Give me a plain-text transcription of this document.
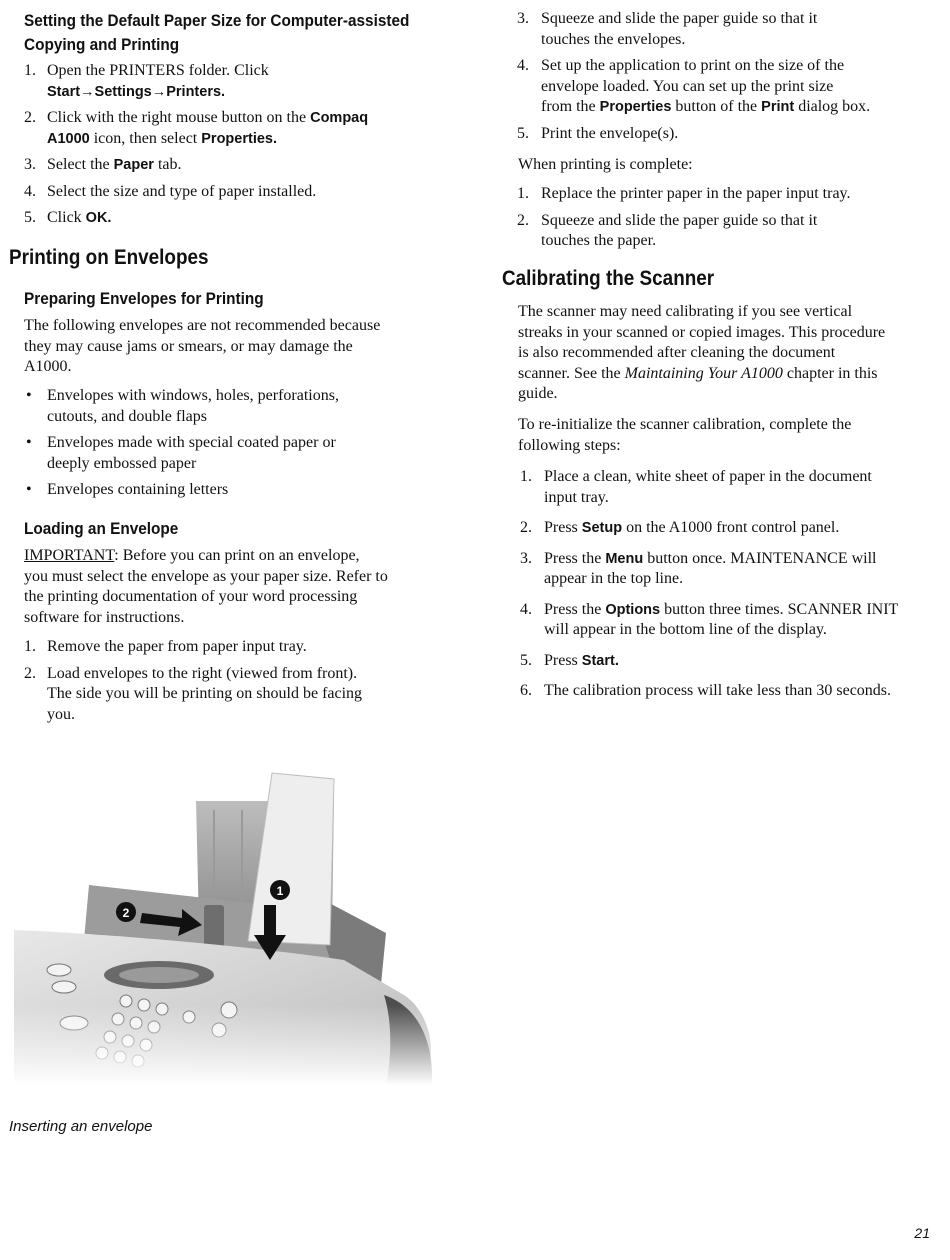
Setting the Default Paper Size for Computer-assisted
Copying and Printing
1. Open the PRINTERS folder. Click
Start→Settings→Printers.
2. Click with the right mouse button on the Compaq
A1000 icon, then select Properties.
3. Select the Paper tab.
4. Select the size and type of paper installed.
5. Click OK.
Printing on Envelopes
Preparing Envelopes for Printing

The following envelopes are not recommended because
they may cause jams or smears, or may damage the
A1000.

• Envelopes with windows, holes, perforations,
cutouts, and double flaps
• Envelopes made with special coated paper or
deeply embossed paper
• Envelopes containing letters
Loading an Envelope

IMPORTANT: Before you can print on an envelope,
you must select the envelope as your paper size. Refer to
the printing documentation of your word processing
software for instructions.

1. Remove the paper from paper input tray.
2. Load envelopes to the right (viewed from front).
The side you will be printing on should be facing
you.
Inserting an envelope
3. Squeeze and slide the paper guide so that it
touches the envelopes.
4. Set up the application to print on the size of the
envelope loaded. You can set up the print size
from the Properties button of the Print dialog box.
5. Print the envelope(s).

When printing is complete:

1. Replace the printer paper in the paper input tray.
2. Squeeze and slide the paper guide so that it
touches the paper.
Calibrating the Scanner

The scanner may need calibrating if you see vertical
streaks in your scanned or copied images. This procedure
is also recommended after cleaning the document
scanner. See the Maintaining Your A1000 chapter in this
guide.

To re-initialize the scanner calibration, complete the
following steps:

1. Place a clean, white sheet of paper in the document
input tray.
2. Press Setup on the A1000 front control panel.
3. Press the Menu button once. MAINTENANCE will
appear in the top line.
4. Press the Options button three times. SCANNER INIT
will appear in the bottom line of the display.
5. Press Start.
6. The calibration process will take less than 30 seconds.
21
